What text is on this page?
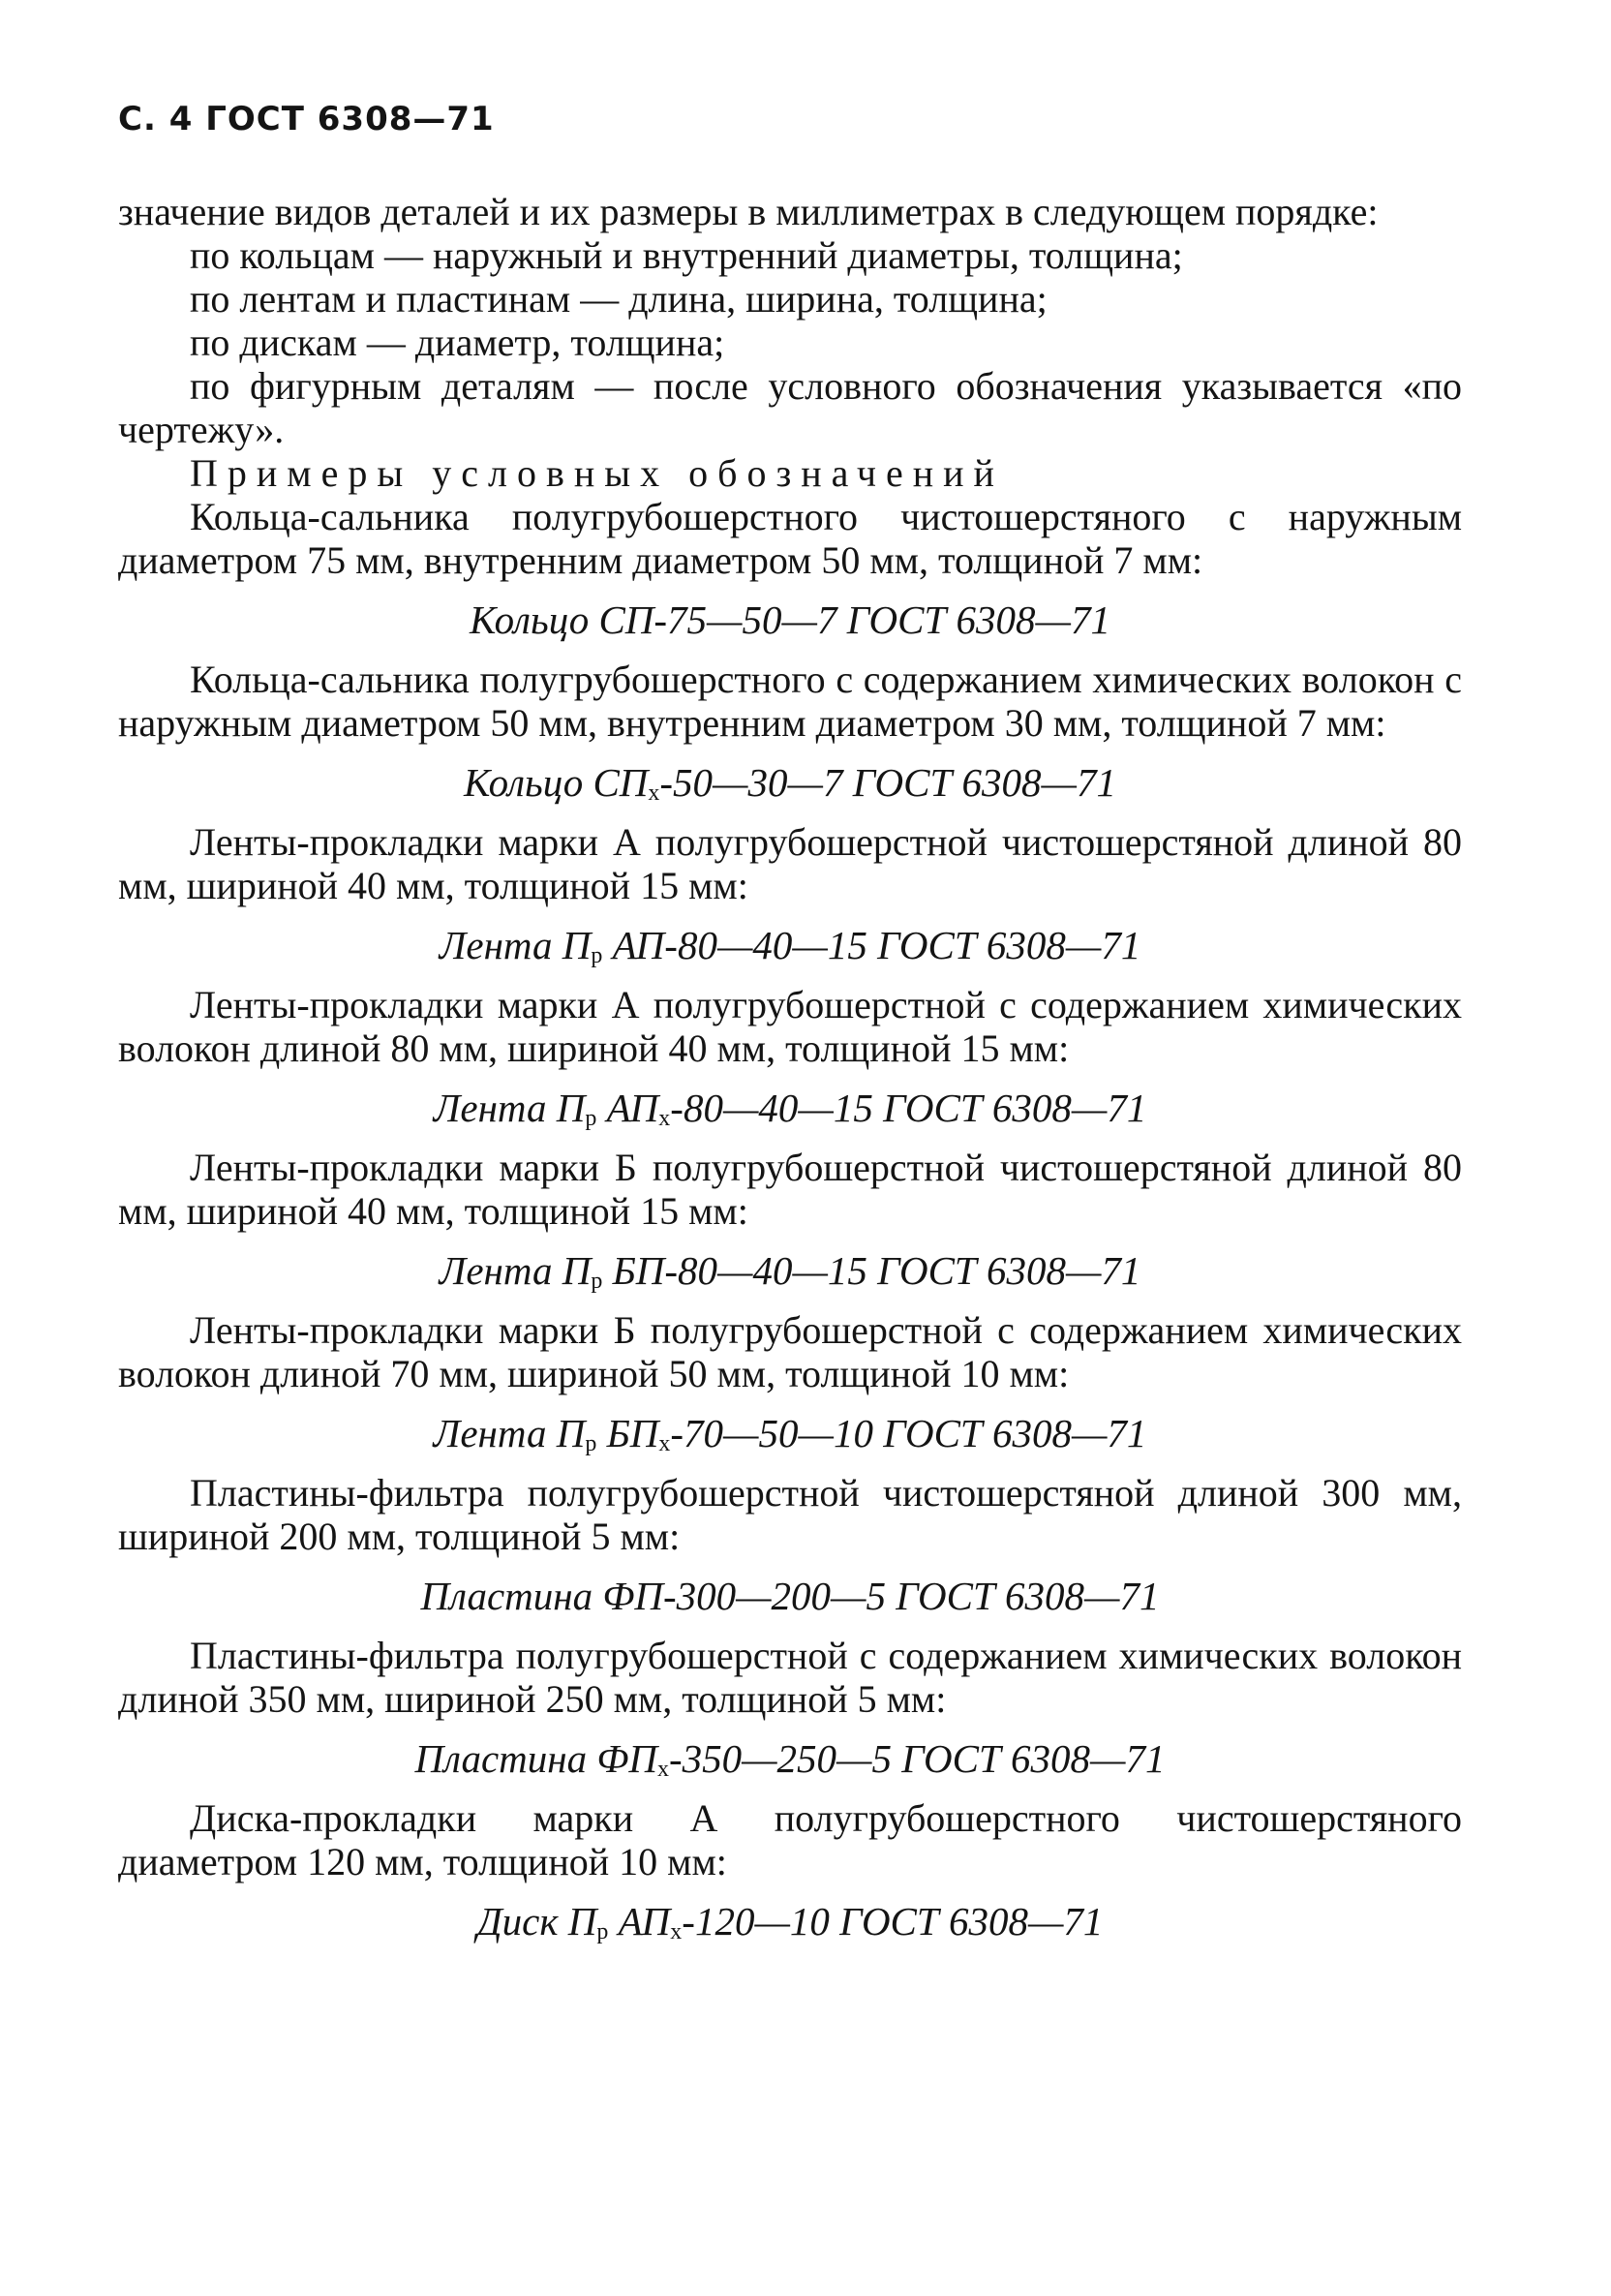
С. 4 ГОСТ 6308—71

значение видов деталей и их размеры в миллиметрах в следующем порядке:

по кольцам — наружный и внутренний диаметры, толщина;

по лентам и пластинам — длина, ширина, толщина;

по дискам — диаметр, толщина;

по фигурным деталям — после условного обозначения указывается «по чертежу».

Примеры условных обозначений

Кольца-сальника полугрубошерстного чистошерстяного с наружным диаметром 75 мм, внутренним диаметром 50 мм, толщиной 7 мм:

Кольцо СП-75—50—7 ГОСТ 6308—71

Кольца-сальника полугрубошерстного с содержанием химических волокон с наружным диаметром 50 мм, внутренним диаметром 30 мм, толщиной 7 мм:

Кольцо $СП_х-50—30—7$ ГОСТ 6308—71

Ленты-прокладки марки А полугрубошерстной чистошерстяной длиной 80 мм, шириной 40 мм, толщиной 15 мм:

Лента $П_р$ АП-80—40—15 ГОСТ 6308—71

Ленты-прокладки марки А полугрубошерстной с содержанием химических волокон длиной 80 мм, шириной 40 мм, толщиной 15 мм:

Лента $П_р$ $АП_х-80—40—15$ ГОСТ 6308—71

Ленты-прокладки марки Б полугрубошерстной чистошерстяной длиной 80 мм, шириной 40 мм, толщиной 15 мм:

Лента $П_р$ БП-80—40—15 ГОСТ 6308—71

Ленты-прокладки марки Б полугрубошерстной с содержанием химических волокон длиной 70 мм, шириной 50 мм, толщиной 10 мм:

Лента $П_р$ $БП_х-70—50—10$ ГОСТ 6308—71

Пластины-фильтра полугрубошерстной чистошерстяной длиной 300 мм, шириной 200 мм, толщиной 5 мм:

Пластина ФП-300—200—5 ГОСТ 6308—71

Пластины-фильтра полугрубошерстной с содержанием химических волокон длиной 350 мм, шириной 250 мм, толщиной 5 мм:

Пластина $ФП_х-350—250—5$ ГОСТ 6308—71

Диска-прокладки марки А полугрубошерстного чистошерстяного диаметром 120 мм, толщиной 10 мм:

Диск $П_р$ $АП_х-120—10$ ГОСТ 6308—71
